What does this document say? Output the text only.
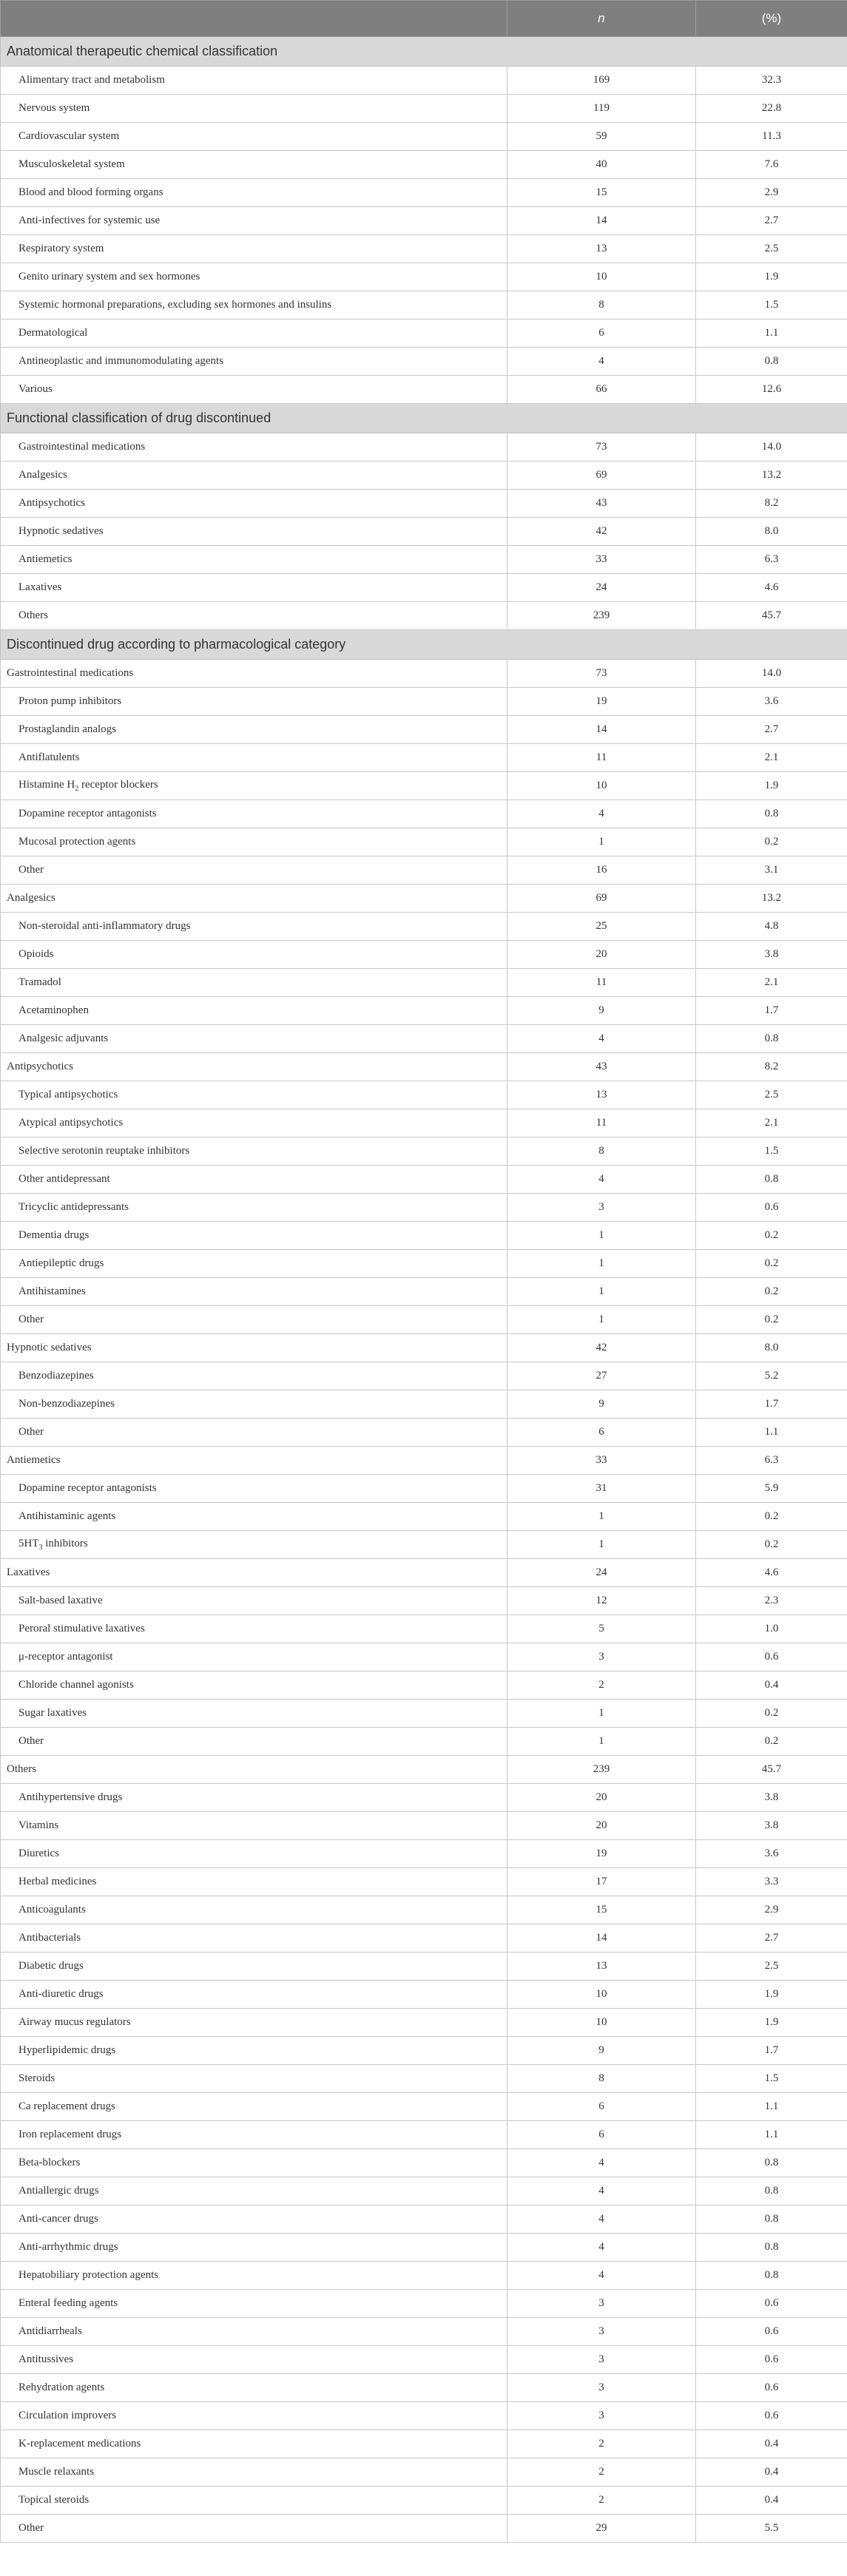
	n	(%)
Anatomical therapeutic chemical classification		
Alimentary tract and metabolism	169	32.3
Nervous system	119	22.8
Cardiovascular system	59	11.3
Musculoskeletal system	40	7.6
Blood and blood forming organs	15	2.9
Anti-infectives for systemic use	14	2.7
Respiratory system	13	2.5
Genito urinary system and sex hormones	10	1.9
Systemic hormonal preparations, excluding sex hormones and insulins	8	1.5
Dermatological	6	1.1
Antineoplastic and immunomodulating agents	4	0.8
Various	66	12.6
Functional classification of drug discontinued		
Gastrointestinal medications	73	14.0
Analgesics	69	13.2
Antipsychotics	43	8.2
Hypnotic sedatives	42	8.0
Antiemetics	33	6.3
Laxatives	24	4.6
Others	239	45.7
Discontinued drug according to pharmacological category		
Gastrointestinal medications	73	14.0
Proton pump inhibitors	19	3.6
Prostaglandin analogs	14	2.7
Antiflatulents	11	2.1
Histamine $H_2$ receptor blockers	10	1.9
Dopamine receptor antagonists	4	0.8
Mucosal protection agents	1	0.2
Other	16	3.1
Analgesics	69	13.2
Non-steroidal anti-inflammatory drugs	25	4.8
Opioids	20	3.8
Tramadol	11	2.1
Acetaminophen	9	1.7
Analgesic adjuvants	4	0.8
Antipsychotics	43	8.2
Typical antipsychotics	13	2.5
Atypical antipsychotics	11	2.1
Selective serotonin reuptake inhibitors	8	1.5
Other antidepressant	4	0.8
Tricyclic antidepressants	3	0.6
Dementia drugs	1	0.2
Antiepileptic drugs	1	0.2
Antihistamines	1	0.2
Other	1	0.2
Hypnotic sedatives	42	8.0
Benzodiazepines	27	5.2
Non-benzodiazepines	9	1.7
Other	6	1.1
Antiemetics	33	6.3
Dopamine receptor antagonists	31	5.9
Antihistaminic agents	1	0.2
$5HT_3$ inhibitors	1	0.2
Laxatives	24	4.6
Salt-based laxative	12	2.3
Peroral stimulative laxatives	5	1.0
μ-receptor antagonist	3	0.6
Chloride channel agonists	2	0.4
Sugar laxatives	1	0.2
Other	1	0.2
Others	239	45.7
Antihypertensive drugs	20	3.8
Vitamins	20	3.8
Diuretics	19	3.6
Herbal medicines	17	3.3
Anticoagulants	15	2.9
Antibacterials	14	2.7
Diabetic drugs	13	2.5
Anti-diuretic drugs	10	1.9
Airway mucus regulators	10	1.9
Hyperlipidemic drugs	9	1.7
Steroids	8	1.5
Ca replacement drugs	6	1.1
Iron replacement drugs	6	1.1
Beta-blockers	4	0.8
Antiallergic drugs	4	0.8
Anti-cancer drugs	4	0.8
Anti-arrhythmic drugs	4	0.8
Hepatobiliary protection agents	4	0.8
Enteral feeding agents	3	0.6
Antidiarrheals	3	0.6
Antitussives	3	0.6
Rehydration agents	3	0.6
Circulation improvers	3	0.6
K-replacement medications	2	0.4
Muscle relaxants	2	0.4
Topical steroids	2	0.4
Other	29	5.5
